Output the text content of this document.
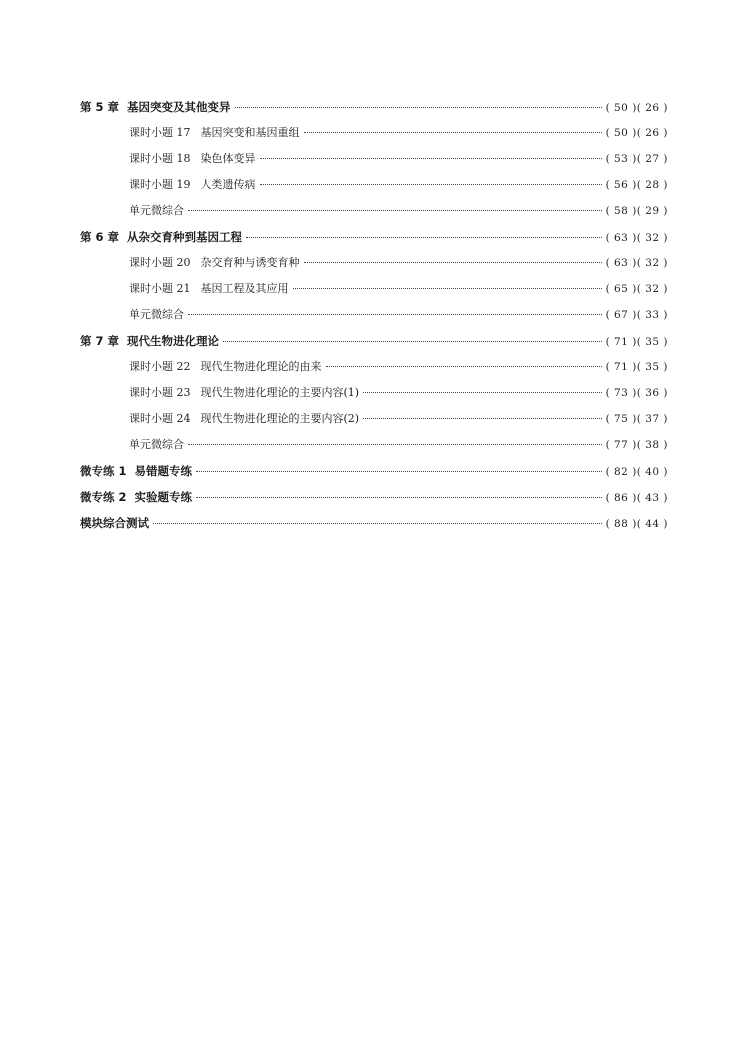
第 5 章 基因突变及其他变异	( 50 )( 26 )
课时小题 17 基因突变和基因重组	( 50 )( 26 )
课时小题 18 染色体变异	( 53 )( 27 )
课时小题 19 人类遗传病	( 56 )( 28 )
单元微综合	( 58 )( 29 )
第 6 章 从杂交育种到基因工程	( 63 )( 32 )
课时小题 20 杂交育种与诱变育种	( 63 )( 32 )
课时小题 21 基因工程及其应用	( 65 )( 32 )
单元微综合	( 67 )( 33 )
第 7 章 现代生物进化理论	( 71 )( 35 )
课时小题 22 现代生物进化理论的由来	( 71 )( 35 )
课时小题 23 现代生物进化理论的主要内容(1)	( 73 )( 36 )
课时小题 24 现代生物进化理论的主要内容(2)	( 75 )( 37 )
单元微综合	( 77 )( 38 )
微专练 1 易错题专练	( 82 )( 40 )
微专练 2 实验题专练	( 86 )( 43 )
模块综合测试	( 88 )( 44 )
